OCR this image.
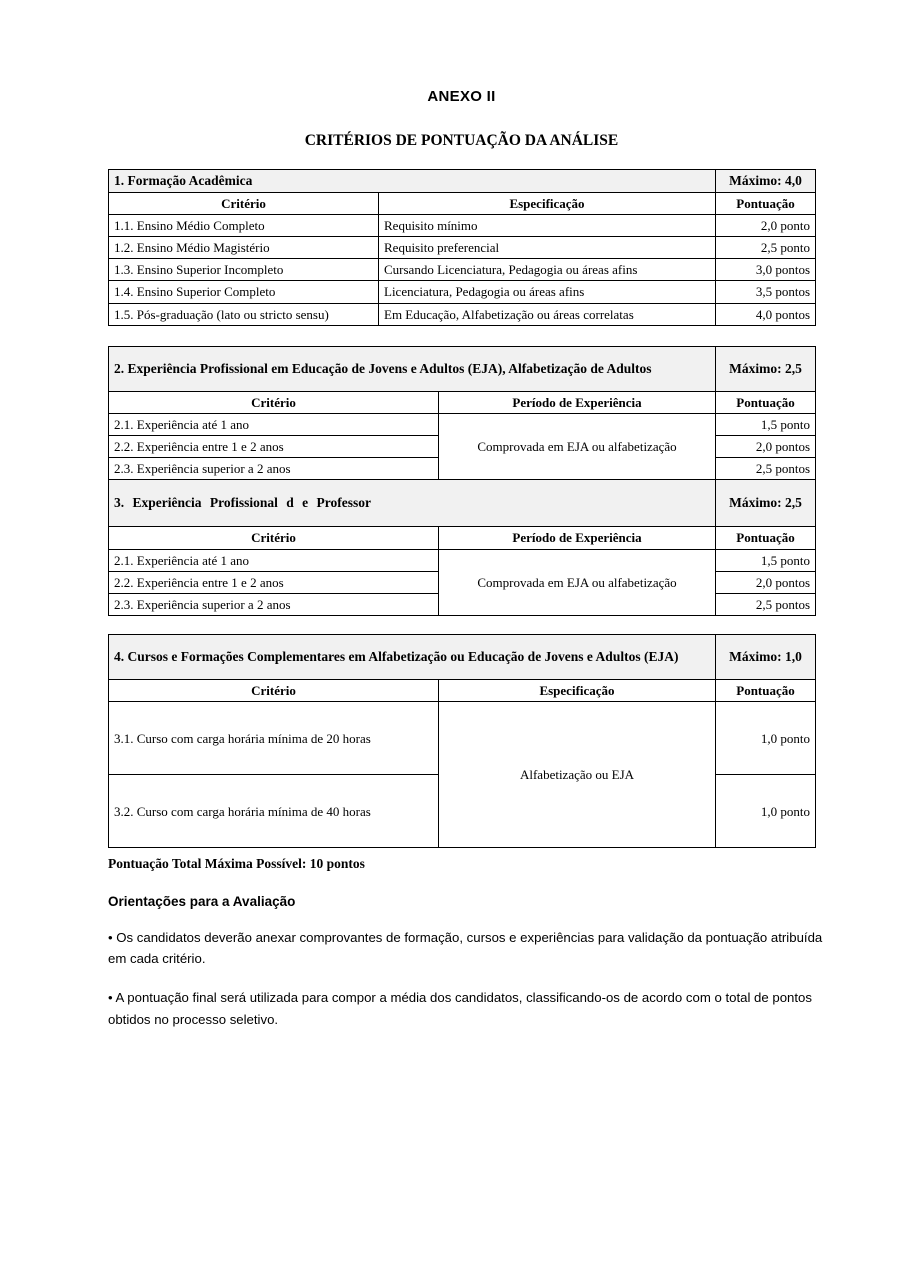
ANEXO II
CRITÉRIOS DE PONTUAÇÃO DA ANÁLISE
1. Formação Acadêmica		Máximo: 4,0
Critério	Especificação	Pontuação
1.1. Ensino Médio Completo	Requisito mínimo	2,0 ponto
1.2. Ensino Médio Magistério	Requisito preferencial	2,5 ponto
1.3. Ensino Superior Incompleto	Cursando Licenciatura, Pedagogia ou áreas afins	3,0 pontos
1.4. Ensino Superior Completo	Licenciatura, Pedagogia ou áreas afins	3,5 pontos
1.5. Pós-graduação (lato ou stricto sensu)	Em Educação, Alfabetização ou áreas correlatas	4,0 pontos
2. Experiência Profissional em Educação de Jovens e Adultos (EJA), Alfabetização de Adultos		Máximo: 2,5
Critério	Período de Experiência	Pontuação
2.1. Experiência até 1 ano	Comprovada em EJA ou alfabetização	1,5 ponto
2.2. Experiência entre 1 e 2 anos		2,0 pontos
2.3. Experiência superior a 2 anos		2,5 pontos
3. Experiência Profissional d e Professor		Máximo: 2,5
Critério	Período de Experiência	Pontuação
2.1. Experiência até 1 ano	Comprovada em EJA ou alfabetização	1,5 ponto
2.2. Experiência entre 1 e 2 anos		2,0 pontos
2.3. Experiência superior a 2 anos		2,5 pontos
4. Cursos e Formações Complementares em Alfabetização ou Educação de Jovens e Adultos (EJA)		Máximo: 1,0
Critério	Especificação	Pontuação
3.1. Curso com carga horária mínima de 20 horas	Alfabetização ou EJA	1,0 ponto
3.2. Curso com carga horária mínima de 40 horas		1,0 ponto

Pontuação Total Máxima Possível: 10 pontos

Orientações para a Avaliação

• Os candidatos deverão anexar comprovantes de formação, cursos e experiências para validação da pontuação atribuída em cada critério.

• A pontuação final será utilizada para compor a média dos candidatos, classificando-os de acordo com o total de pontos obtidos no processo seletivo.
